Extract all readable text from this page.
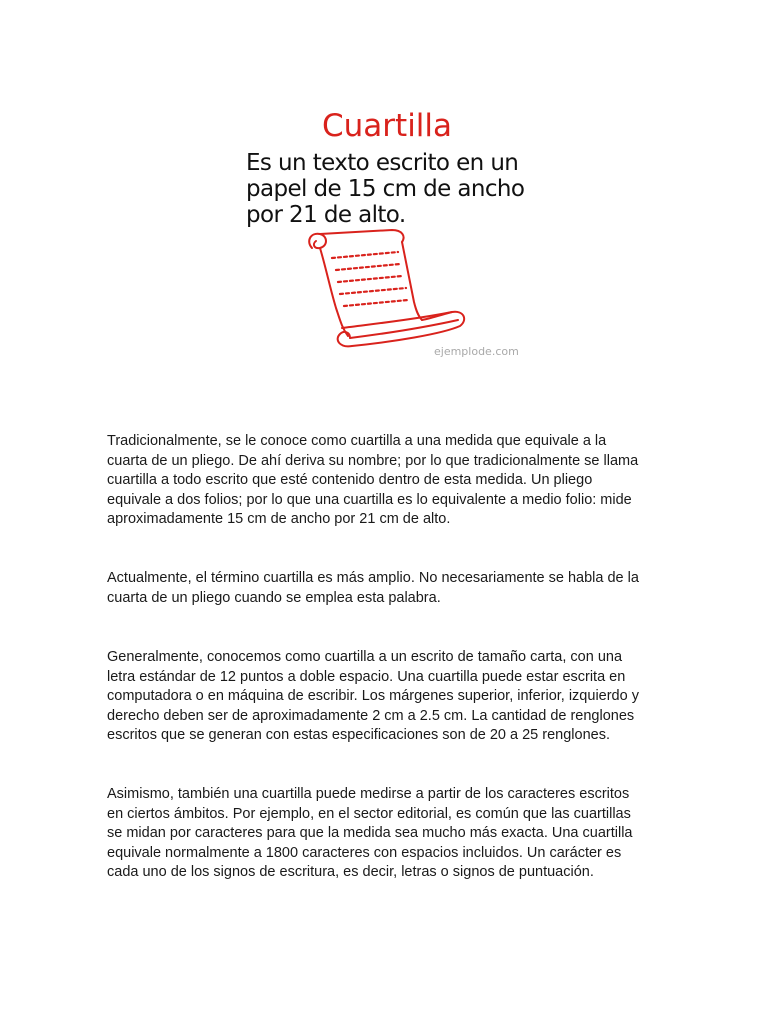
Cuartilla
Es un texto escrito en un
papel de 15 cm de ancho
por 21 de alto.
ejemplode.com

Tradicionalmente, se le conoce como cuartilla a una medida que equivale a la
cuarta de un pliego. De ahí deriva su nombre; por lo que tradicionalmente se llama
cuartilla a todo escrito que esté contenido dentro de esta medida. Un pliego
equivale a dos folios; por lo que una cuartilla es lo equivalente a medio folio: mide
aproximadamente 15 cm de ancho por 21 cm de alto.

Actualmente, el término cuartilla es más amplio. No necesariamente se habla de la
cuarta de un pliego cuando se emplea esta palabra.

Generalmente, conocemos como cuartilla a un escrito de tamaño carta, con una
letra estándar de 12 puntos a doble espacio. Una cuartilla puede estar escrita en
computadora o en máquina de escribir. Los márgenes superior, inferior, izquierdo y
derecho deben ser de aproximadamente 2 cm a 2.5 cm. La cantidad de renglones
escritos que se generan con estas especificaciones son de 20 a 25 renglones.

Asimismo, también una cuartilla puede medirse a partir de los caracteres escritos
en ciertos ámbitos. Por ejemplo, en el sector editorial, es común que las cuartillas
se midan por caracteres para que la medida sea mucho más exacta. Una cuartilla
equivale normalmente a 1800 caracteres con espacios incluidos. Un carácter es
cada uno de los signos de escritura, es decir, letras o signos de puntuación.
